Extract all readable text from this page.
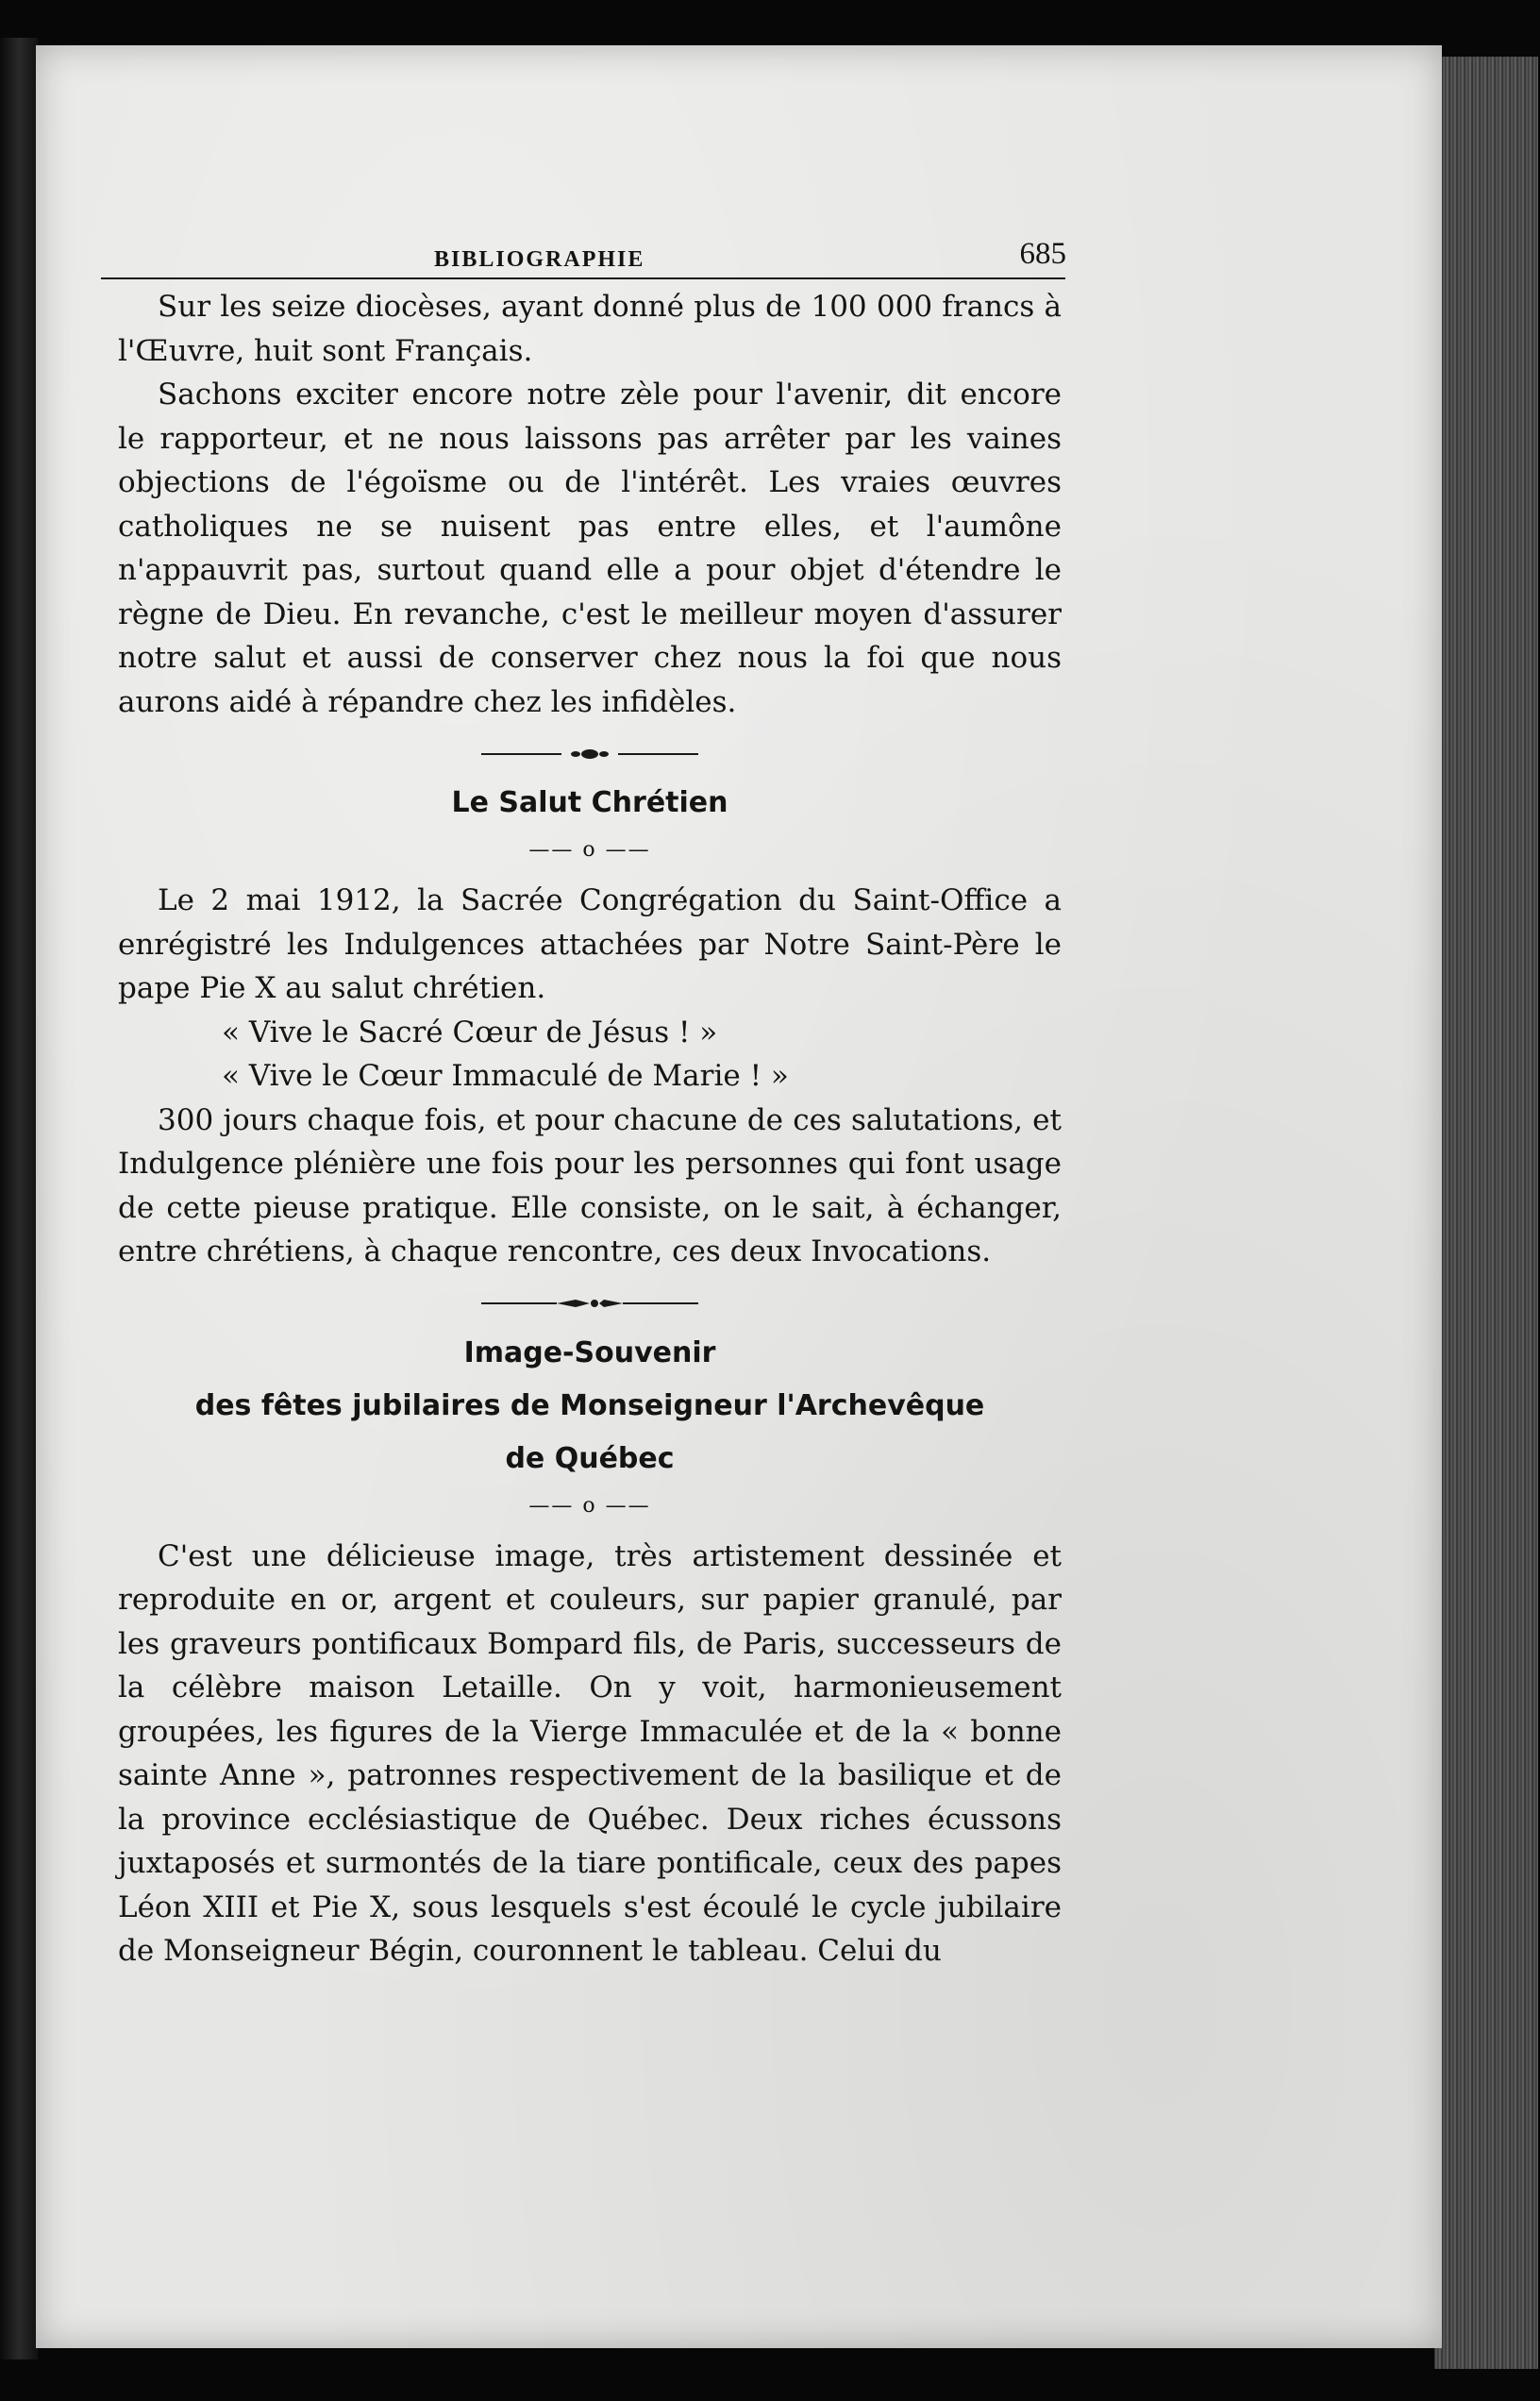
BIBLIOGRAPHIE	685

Sur les seize diocèses, ayant donné plus de 100 000 francs à l'Œuvre, huit sont Français.

Sachons exciter encore notre zèle pour l'avenir, dit encore le rapporteur, et ne nous laissons pas arrêter par les vaines objections de l'égoïsme ou de l'intérêt. Les vraies œuvres catholiques ne se nuisent pas entre elles, et l'aumône n'appauvrit pas, surtout quand elle a pour objet d'étendre le règne de Dieu. En revanche, c'est le meilleur moyen d'assurer notre salut et aussi de conserver chez nous la foi que nous aurons aidé à répandre chez les infidèles.

Le Salut Chrétien
—— o ——

Le 2 mai 1912, la Sacrée Congrégation du Saint-Office a enrégistré les Indulgences attachées par Notre Saint-Père le pape Pie X au salut chrétien.

« Vive le Sacré Cœur de Jésus ! »

« Vive le Cœur Immaculé de Marie ! »

300 jours chaque fois, et pour chacune de ces salutations, et Indulgence plénière une fois pour les personnes qui font usage de cette pieuse pratique. Elle consiste, on le sait, à échanger, entre chrétiens, à chaque rencontre, ces deux Invocations.

Image-Souvenir
des fêtes jubilaires de Monseigneur l'Archevêque
de Québec
—— o ——

C'est une délicieuse image, très artistement dessinée et reproduite en or, argent et couleurs, sur papier granulé, par les graveurs pontificaux Bompard fils, de Paris, successeurs de la célèbre maison Letaille. On y voit, harmonieusement groupées, les figures de la Vierge Immaculée et de la « bonne sainte Anne », patronnes respectivement de la basilique et de la province ecclésiastique de Québec. Deux riches écussons juxtaposés et surmontés de la tiare pontificale, ceux des papes Léon XIII et Pie X, sous lesquels s'est écoulé le cycle jubilaire de Monseigneur Bégin, couronnent le tableau. Celui du
